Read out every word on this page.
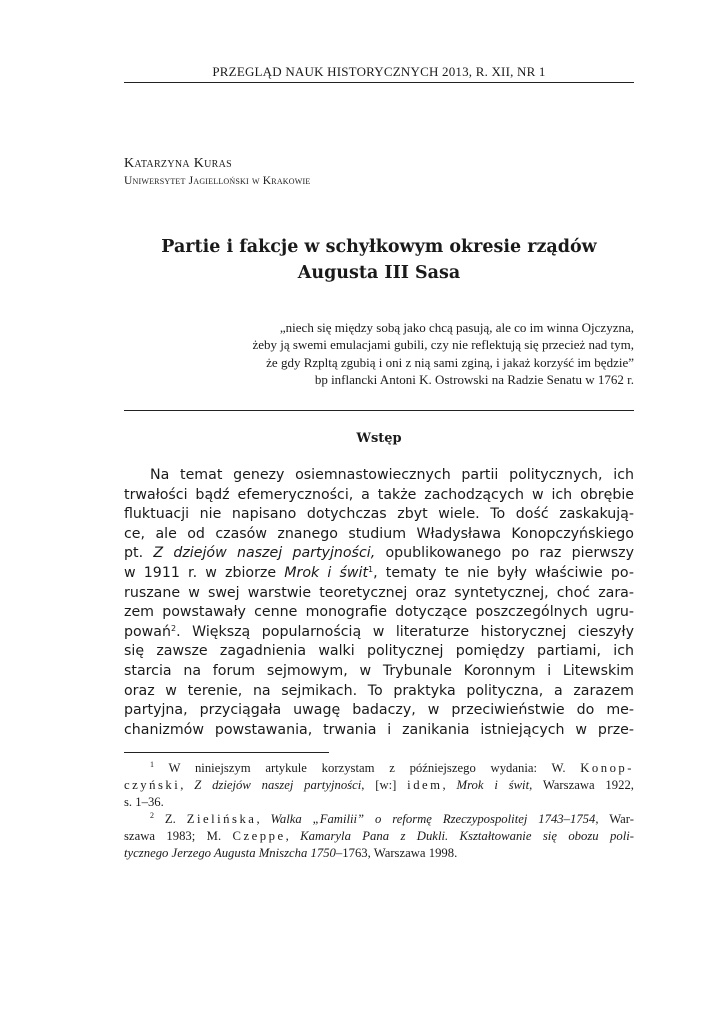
PRZEGLĄD NAUK HISTORYCZNYCH 2013, R. XII, NR 1
Katarzyna Kuras
Uniwersytet Jagielloński w Krakowie
Partie i fakcje w schyłkowym okresie rządów
Augusta III Sasa
„niech się między sobą jako chcą pasują, ale co im winna Ojczyzna,
żeby ją swemi emulacjami gubili, czy nie reflektują się przecież nad tym,
że gdy Rzpltą zgubią i oni z nią sami zginą, i jakaż korzyść im będzie”
bp inflancki Antoni K. Ostrowski na Radzie Senatu w 1762 r.
Wstęp
Na temat genezy osiemnastowiecznych partii politycznych, ich
trwałości bądź efemeryczności, a także zachodzących w ich obrębie
fluktuacji nie napisano dotychczas zbyt wiele. To dość zaskakują-
ce, ale od czasów znanego studium Władysława Konopczyńskiego
pt. Z dziejów naszej partyjności, opublikowanego po raz pierwszy
w 1911 r. w zbiorze Mrok i świt$^1$, tematy te nie były właściwie po-
ruszane w swej warstwie teoretycznej oraz syntetycznej, choć zara-
zem powstawały cenne monografie dotyczące poszczególnych ugru-
powań$^2$. Większą popularnością w literaturze historycznej cieszyły
się zawsze zagadnienia walki politycznej pomiędzy partiami, ich
starcia na forum sejmowym, w Trybunale Koronnym i Litewskim
oraz w terenie, na sejmikach. To praktyka polityczna, a zarazem
partyjna, przyciągała uwagę badaczy, w przeciwieństwie do me-
chanizmów powstawania, trwania i zanikania istniejących w prze-
$^1$ W niniejszym artykule korzystam z późniejszego wydania: W. Konop-
czyński, Z dziejów naszej partyjności, [w:] idem, Mrok i świt, Warszawa 1922,
s. 1–36.
$^2$ Z. Zielińska, Walka „Familii” o reformę Rzeczypospolitej 1743–1754, War-
szawa 1983; M. Czeppe, Kamaryla Pana z Dukli. Kształtowanie się obozu poli-
tycznego Jerzego Augusta Mniszcha 1750–1763, Warszawa 1998.
